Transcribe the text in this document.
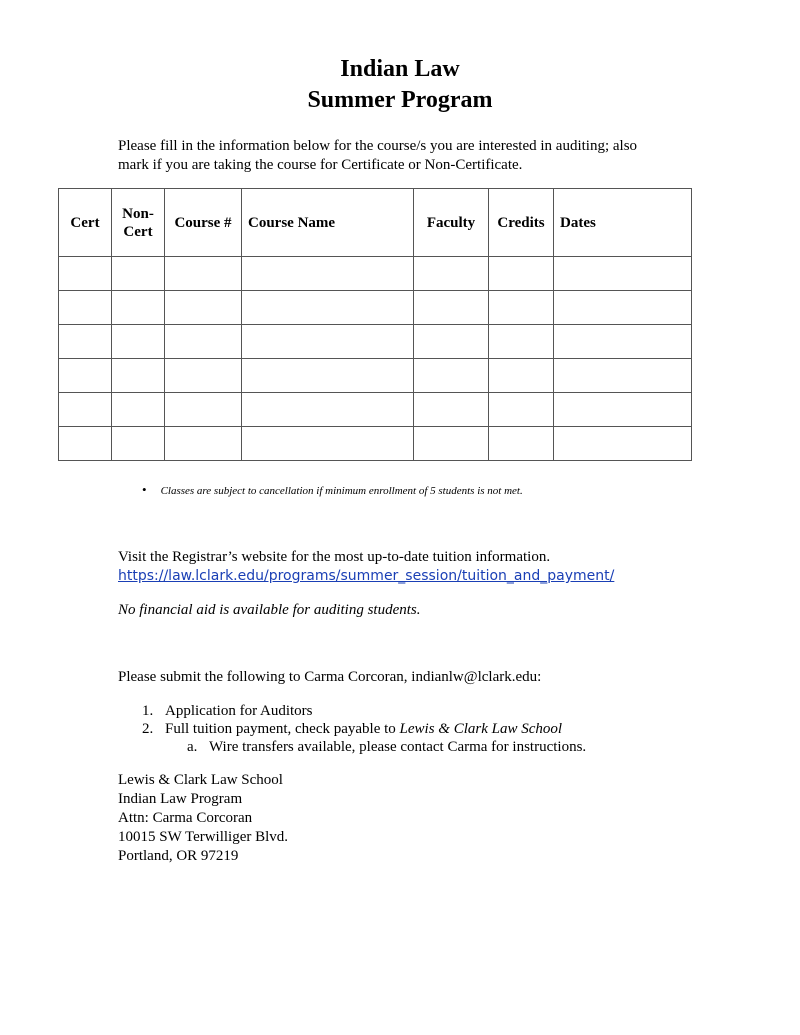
Indian Law
Summer Program
Please fill in the information below for the course/s you are interested in auditing; also
mark if you are taking the course for Certificate or Non-Certificate.
Cert	Non-Cert	Course #	Course Name	Faculty	Credits	Dates

• Classes are subject to cancellation if minimum enrollment of 5 students is not met.
Visit the Registrar’s website for the most up-to-date tuition information.
https://law.lclark.edu/programs/summer_session/tuition_and_payment/
No financial aid is available for auditing students.
Please submit the following to Carma Corcoran, indianlw@lclark.edu:
1. Application for Auditors
2. Full tuition payment, check payable to Lewis & Clark Law School
a. Wire transfers available, please contact Carma for instructions.
Lewis & Clark Law School
Indian Law Program
Attn: Carma Corcoran
10015 SW Terwilliger Blvd.
Portland, OR 97219
